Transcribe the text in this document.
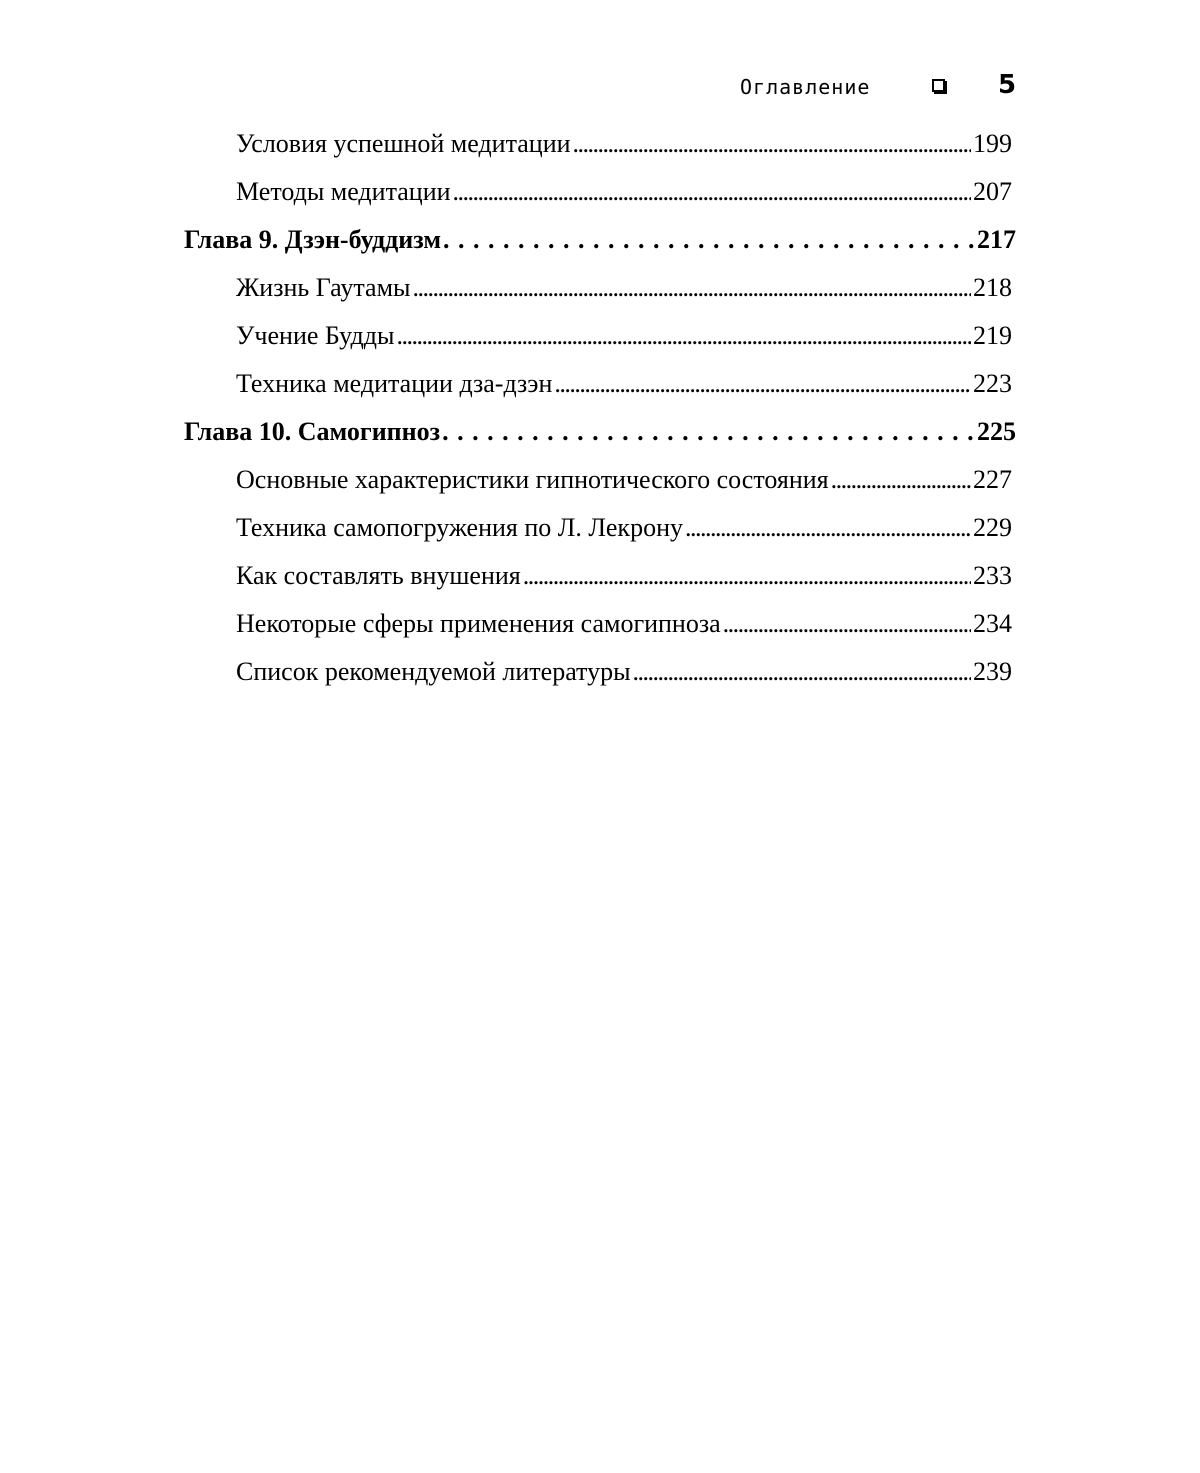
Оглавление	5
Условия успешной медитации . . .	199
Методы медитации . . .	207
Глава 9. Дзэн-буддизм . . .	217
Жизнь Гаутамы . . .	218
Учение Будды . . .	219
Техника медитации дза-дзэн . . .	223
Глава 10. Самогипноз . . .	225
Основные характеристики гипнотического состояния . . .	227
Техника самопогружения по Л. Лекрону . . .	229
Как составлять внушения . . .	233
Некоторые сферы применения самогипноза . . .	234
Список рекомендуемой литературы . . .	239
